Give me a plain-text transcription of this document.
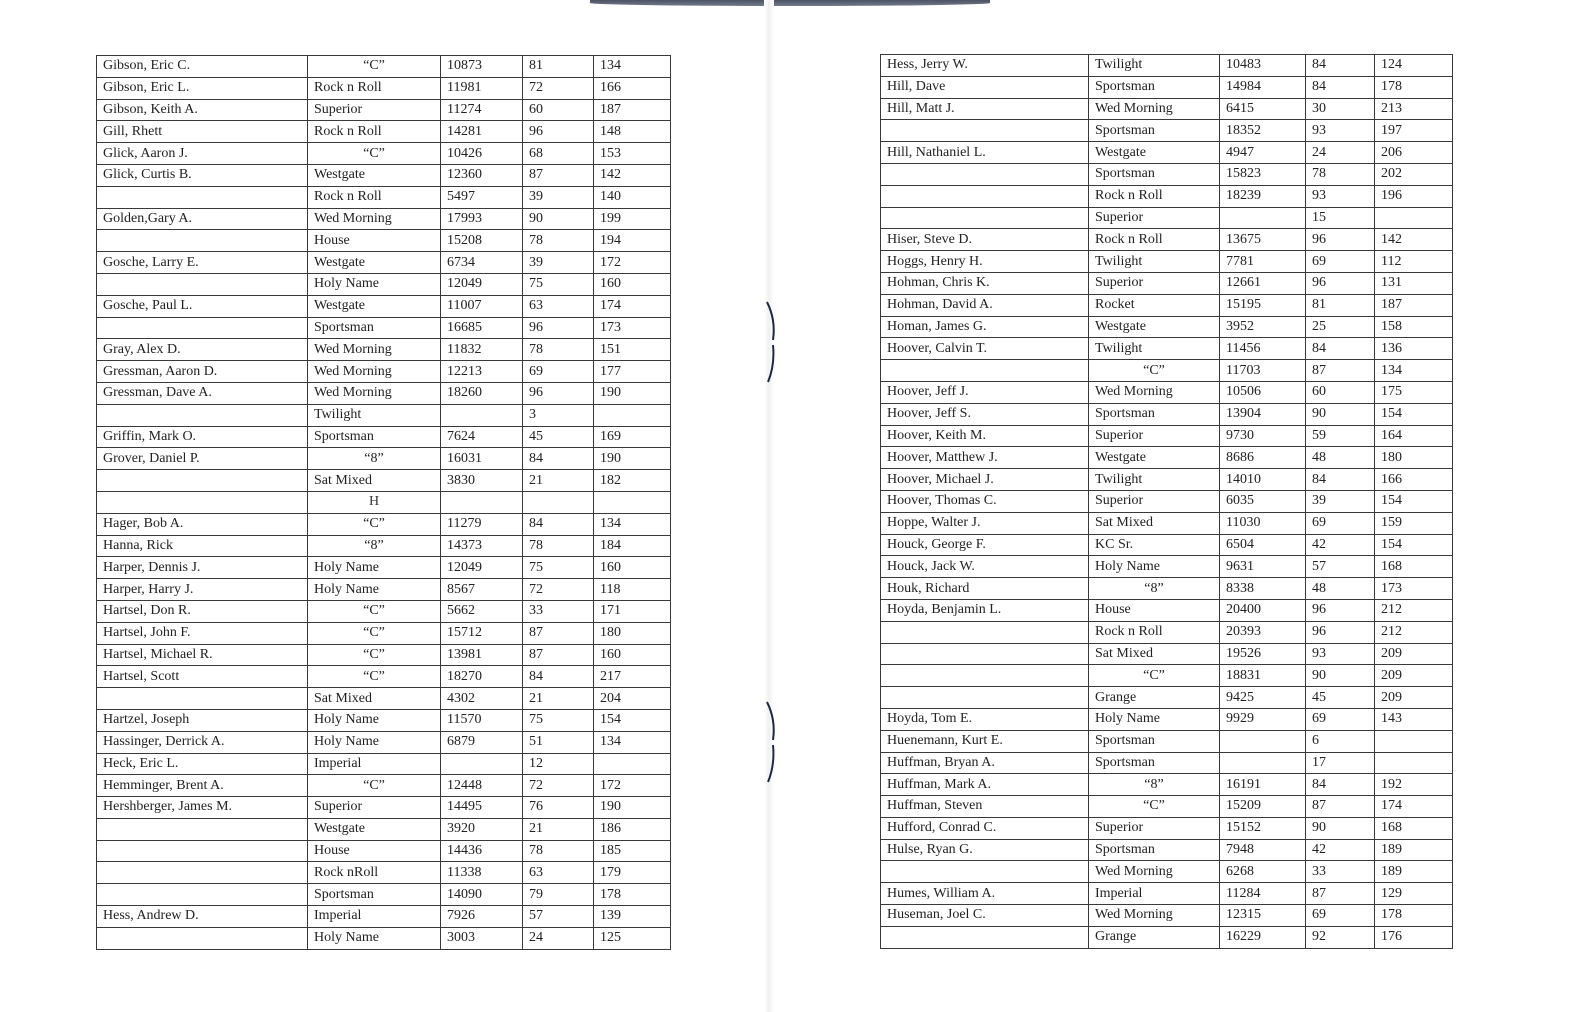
Gibson, Eric C.	“C”	10873	81	134
Gibson, Eric L.	Rock n Roll	11981	72	166
Gibson, Keith A.	Superior	11274	60	187
Gill, Rhett	Rock n Roll	14281	96	148
Glick, Aaron J.	“C”	10426	68	153
Glick, Curtis B.	Westgate	12360	87	142
	Rock n Roll	5497	39	140
Golden,Gary A.	Wed Morning	17993	90	199
	House	15208	78	194
Gosche, Larry E.	Westgate	6734	39	172
	Holy Name	12049	75	160
Gosche, Paul L.	Westgate	11007	63	174
	Sportsman	16685	96	173
Gray, Alex D.	Wed Morning	11832	78	151
Gressman, Aaron D.	Wed Morning	12213	69	177
Gressman, Dave A.	Wed Morning	18260	96	190
	Twilight		3	
Griffin, Mark O.	Sportsman	7624	45	169
Grover, Daniel P.	“8”	16031	84	190
	Sat Mixed	3830	21	182
	H			
Hager, Bob A.	“C”	11279	84	134
Hanna, Rick	“8”	14373	78	184
Harper, Dennis J.	Holy Name	12049	75	160
Harper, Harry J.	Holy Name	8567	72	118
Hartsel, Don R.	“C”	5662	33	171
Hartsel, John F.	“C”	15712	87	180
Hartsel, Michael R.	“C”	13981	87	160
Hartsel, Scott	“C”	18270	84	217
	Sat Mixed	4302	21	204
Hartzel, Joseph	Holy Name	11570	75	154
Hassinger, Derrick A.	Holy Name	6879	51	134
Heck, Eric L.	Imperial		12	
Hemminger, Brent A.	“C”	12448	72	172
Hershberger, James M.	Superior	14495	76	190
	Westgate	3920	21	186
	House	14436	78	185
	Rock nRoll	11338	63	179
	Sportsman	14090	79	178
Hess, Andrew D.	Imperial	7926	57	139
	Holy Name	3003	24	125
Hess, Jerry W.	Twilight	10483	84	124
Hill, Dave	Sportsman	14984	84	178
Hill, Matt J.	Wed Morning	6415	30	213
	Sportsman	18352	93	197
Hill, Nathaniel L.	Westgate	4947	24	206
	Sportsman	15823	78	202
	Rock n Roll	18239	93	196
	Superior		15	
Hiser, Steve D.	Rock n Roll	13675	96	142
Hoggs, Henry H.	Twilight	7781	69	112
Hohman, Chris K.	Superior	12661	96	131
Hohman, David A.	Rocket	15195	81	187
Homan, James G.	Westgate	3952	25	158
Hoover, Calvin T.	Twilight	11456	84	136
	“C”	11703	87	134
Hoover, Jeff J.	Wed Morning	10506	60	175
Hoover, Jeff S.	Sportsman	13904	90	154
Hoover, Keith M.	Superior	9730	59	164
Hoover, Matthew J.	Westgate	8686	48	180
Hoover, Michael J.	Twilight	14010	84	166
Hoover, Thomas C.	Superior	6035	39	154
Hoppe, Walter J.	Sat Mixed	11030	69	159
Houck, George F.	KC Sr.	6504	42	154
Houck, Jack W.	Holy Name	9631	57	168
Houk, Richard	“8”	8338	48	173
Hoyda, Benjamin L.	House	20400	96	212
	Rock n Roll	20393	96	212
	Sat Mixed	19526	93	209
	“C”	18831	90	209
	Grange	9425	45	209
Hoyda, Tom E.	Holy Name	9929	69	143
Huenemann, Kurt E.	Sportsman		6	
Huffman, Bryan A.	Sportsman		17	
Huffman, Mark A.	“8”	16191	84	192
Huffman, Steven	“C”	15209	87	174
Hufford, Conrad C.	Superior	15152	90	168
Hulse, Ryan G.	Sportsman	7948	42	189
	Wed Morning	6268	33	189
Humes, William A.	Imperial	11284	87	129
Huseman, Joel C.	Wed Morning	12315	69	178
	Grange	16229	92	176
